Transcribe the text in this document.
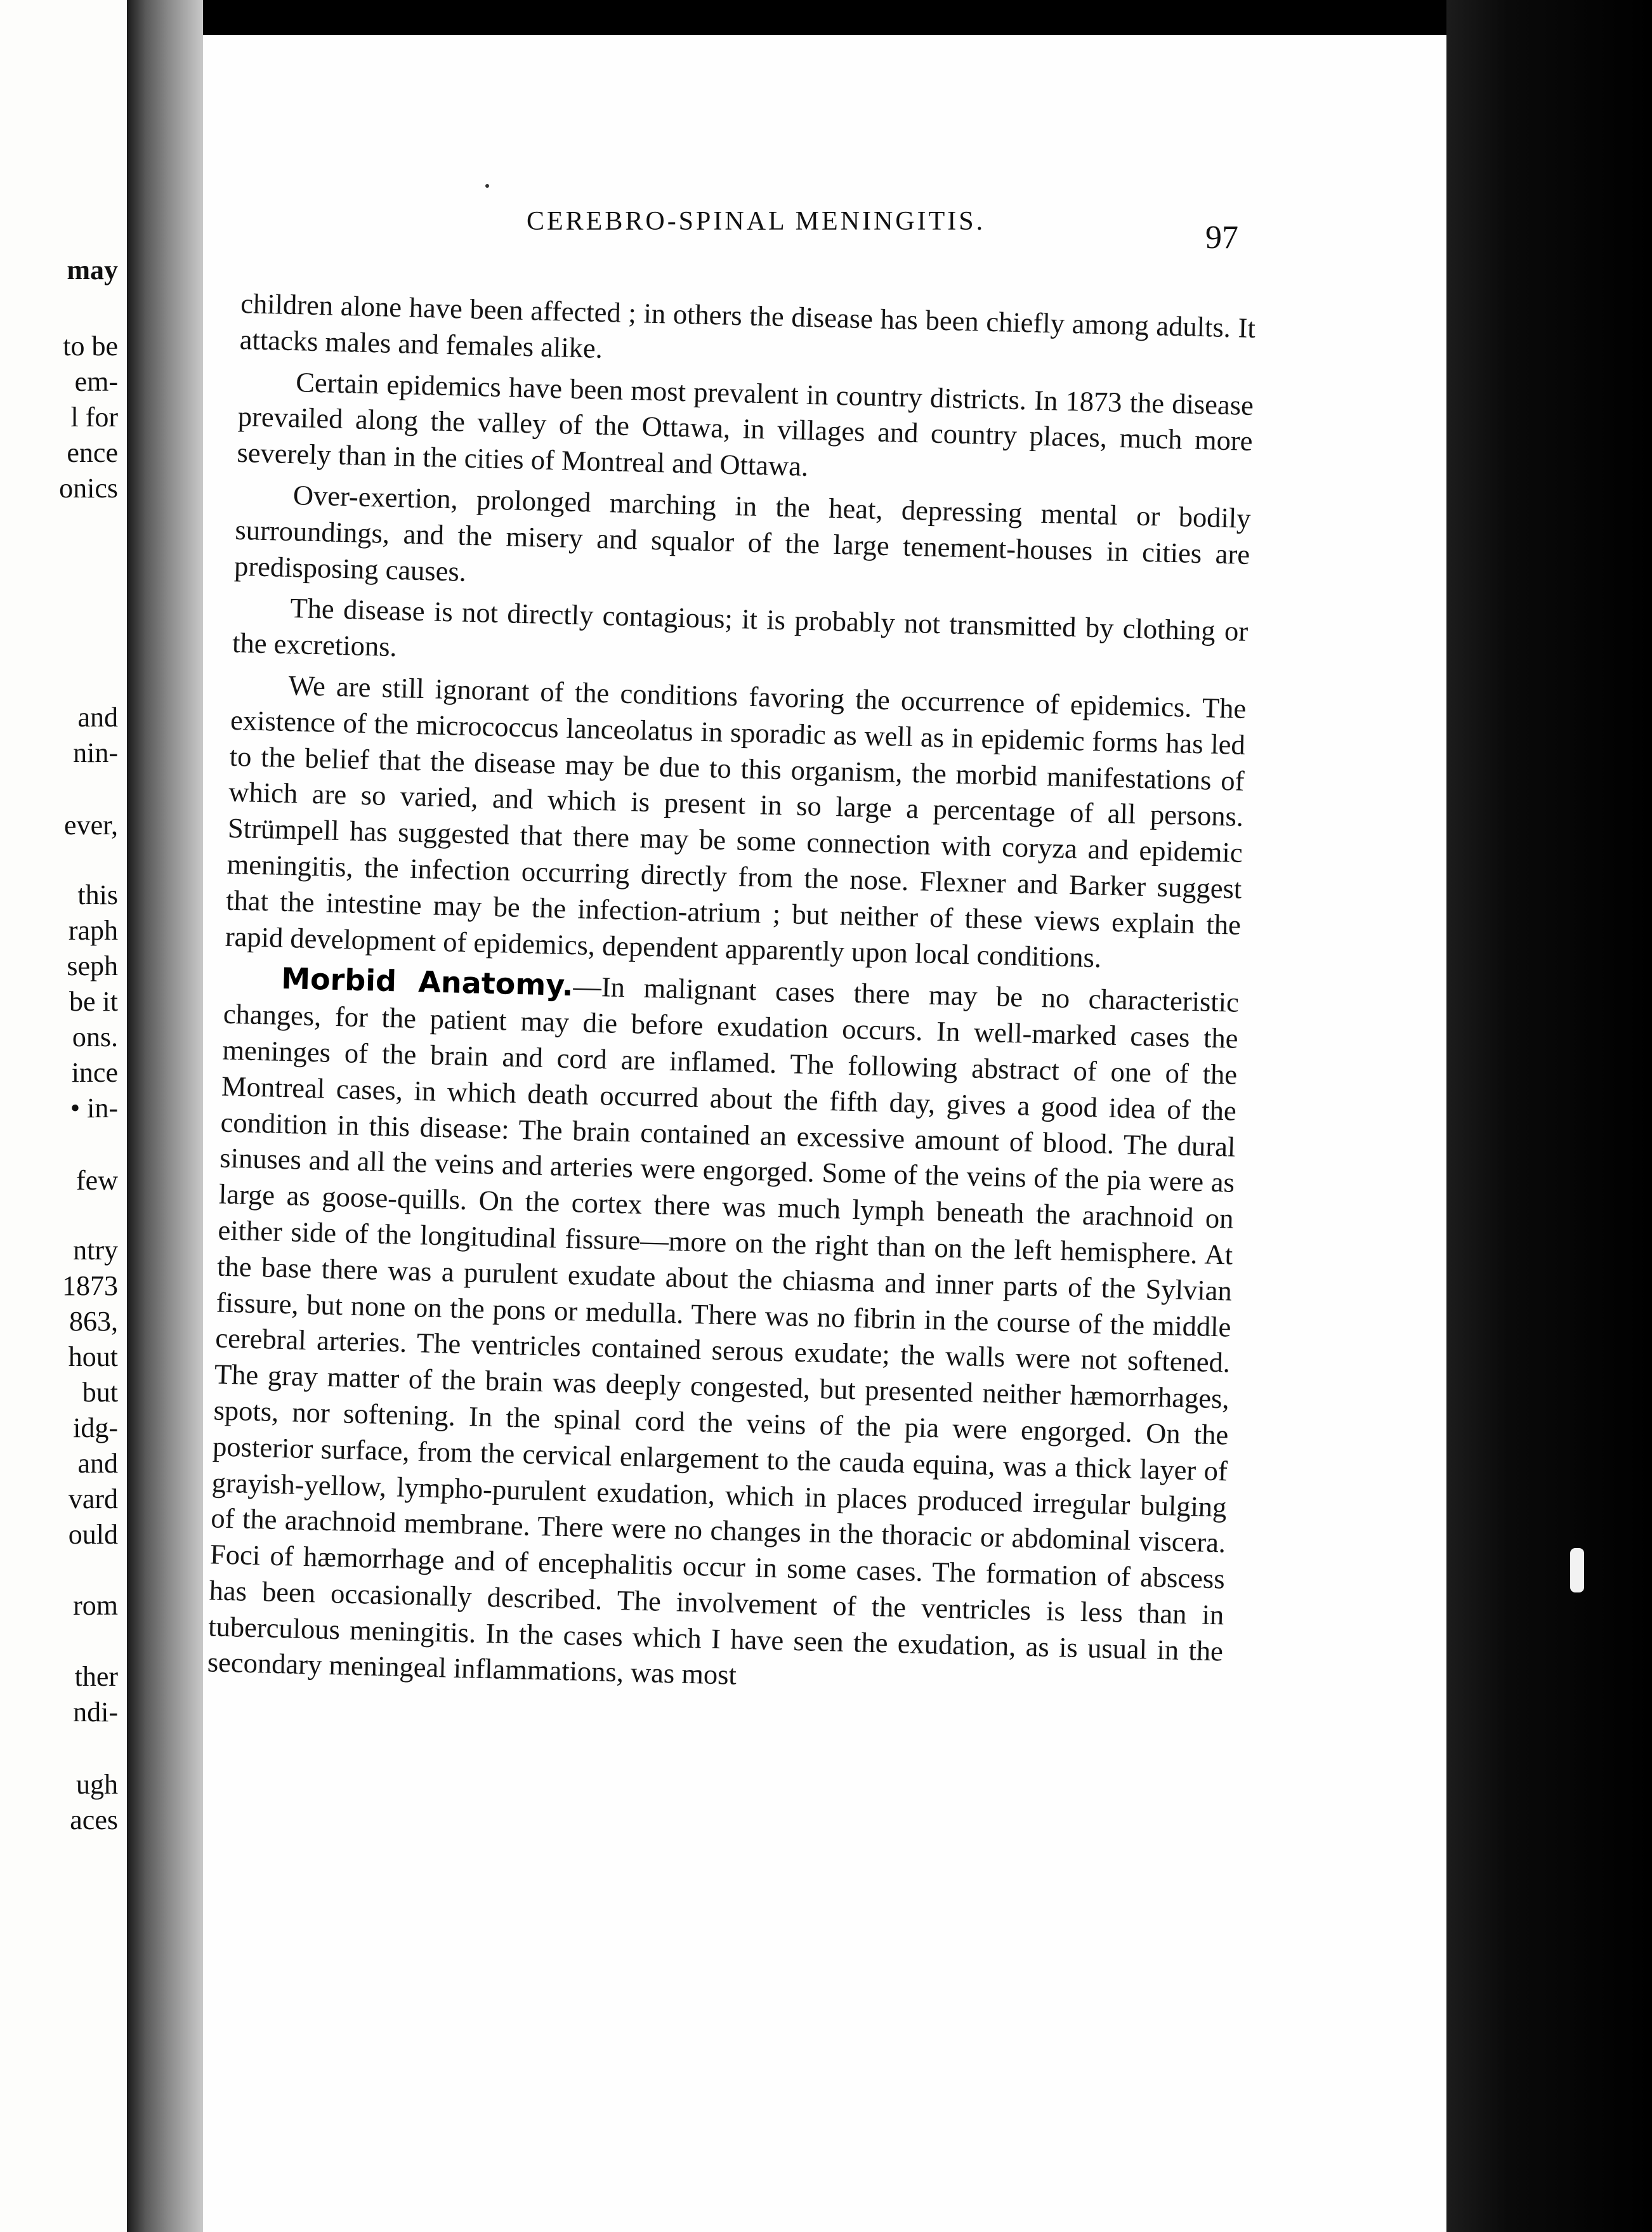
may
to be
em-
l for
ence
onics
and
nin-
ever,
this
raph
seph
be it
ons.
ince
• in-
few
ntry
1873
863,
hout
but
idg-
and
vard
ould
rom
ther
ndi-
ugh
aces
CEREBRO-SPINAL MENINGITIS.	97

children alone have been affected ; in others the disease has been chiefly among adults. It attacks males and females alike.

Certain epidemics have been most prevalent in country districts. In 1873 the disease prevailed along the valley of the Ottawa, in villages and country places, much more severely than in the cities of Montreal and Ottawa.

Over-exertion, prolonged marching in the heat, depressing mental or bodily surroundings, and the misery and squalor of the large tenement-houses in cities are predisposing causes.

The disease is not directly contagious; it is probably not transmitted by clothing or the excretions.

We are still ignorant of the conditions favoring the occurrence of epidemics. The existence of the micrococcus lanceolatus in sporadic as well as in epidemic forms has led to the belief that the disease may be due to this organism, the morbid manifestations of which are so varied, and which is present in so large a percentage of all persons. Strümpell has suggested that there may be some connection with coryza and epidemic meningitis, the infection occurring directly from the nose. Flexner and Barker suggest that the intestine may be the infection-atrium ; but neither of these views explain the rapid development of epidemics, dependent apparently upon local conditions.

Morbid Anatomy.—In malignant cases there may be no characteristic changes, for the patient may die before exudation occurs. In well-marked cases the meninges of the brain and cord are inflamed. The following abstract of one of the Montreal cases, in which death occurred about the fifth day, gives a good idea of the condition in this disease: The brain contained an excessive amount of blood. The dural sinuses and all the veins and arteries were engorged. Some of the veins of the pia were as large as goose-quills. On the cortex there was much lymph beneath the arachnoid on either side of the longitudinal fissure—more on the right than on the left hemisphere. At the base there was a purulent exudate about the chiasma and inner parts of the Sylvian fissure, but none on the pons or medulla. There was no fibrin in the course of the middle cerebral arteries. The ventricles contained serous exudate; the walls were not softened. The gray matter of the brain was deeply congested, but presented neither hæmorrhages, spots, nor softening. In the spinal cord the veins of the pia were engorged. On the posterior surface, from the cervical enlargement to the cauda equina, was a thick layer of grayish-yellow, lympho-purulent exudation, which in places produced irregular bulging of the arachnoid membrane. There were no changes in the thoracic or abdominal viscera. Foci of hæmorrhage and of encephalitis occur in some cases. The formation of abscess has been occasionally described. The involvement of the ventricles is less than in tuberculous meningitis. In the cases which I have seen the exudation, as is usual in the secondary meningeal inflammations, was most
